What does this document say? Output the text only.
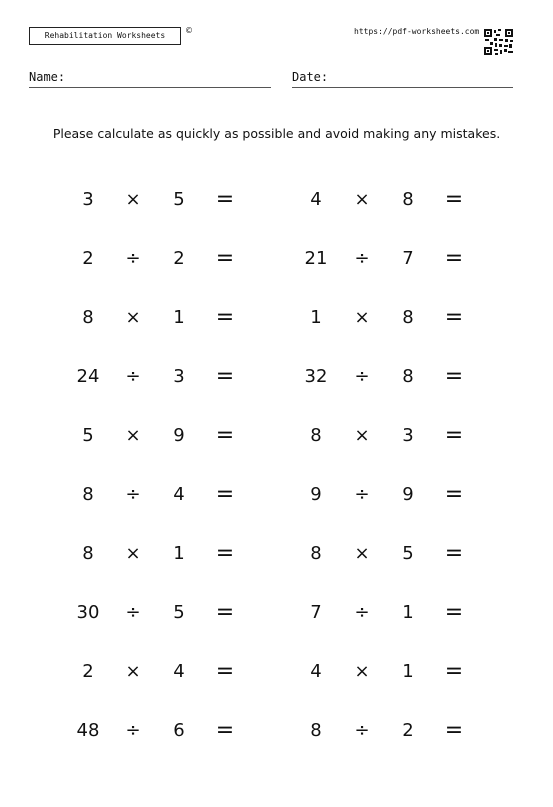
Rehabilitation Worksheets
©	https://pdf-worksheets.com
Name:	Date:
Please calculate as quickly as possible and avoid making any mistakes.
3	×	5	=	4	×	8	=
2	÷	2	=	21	÷	7	=
8	×	1	=	1	×	8	=
24	÷	3	=	32	÷	8	=
5	×	9	=	8	×	3	=
8	÷	4	=	9	÷	9	=
8	×	1	=	8	×	5	=
30	÷	5	=	7	÷	1	=
2	×	4	=	4	×	1	=
48	÷	6	=	8	÷	2	=
